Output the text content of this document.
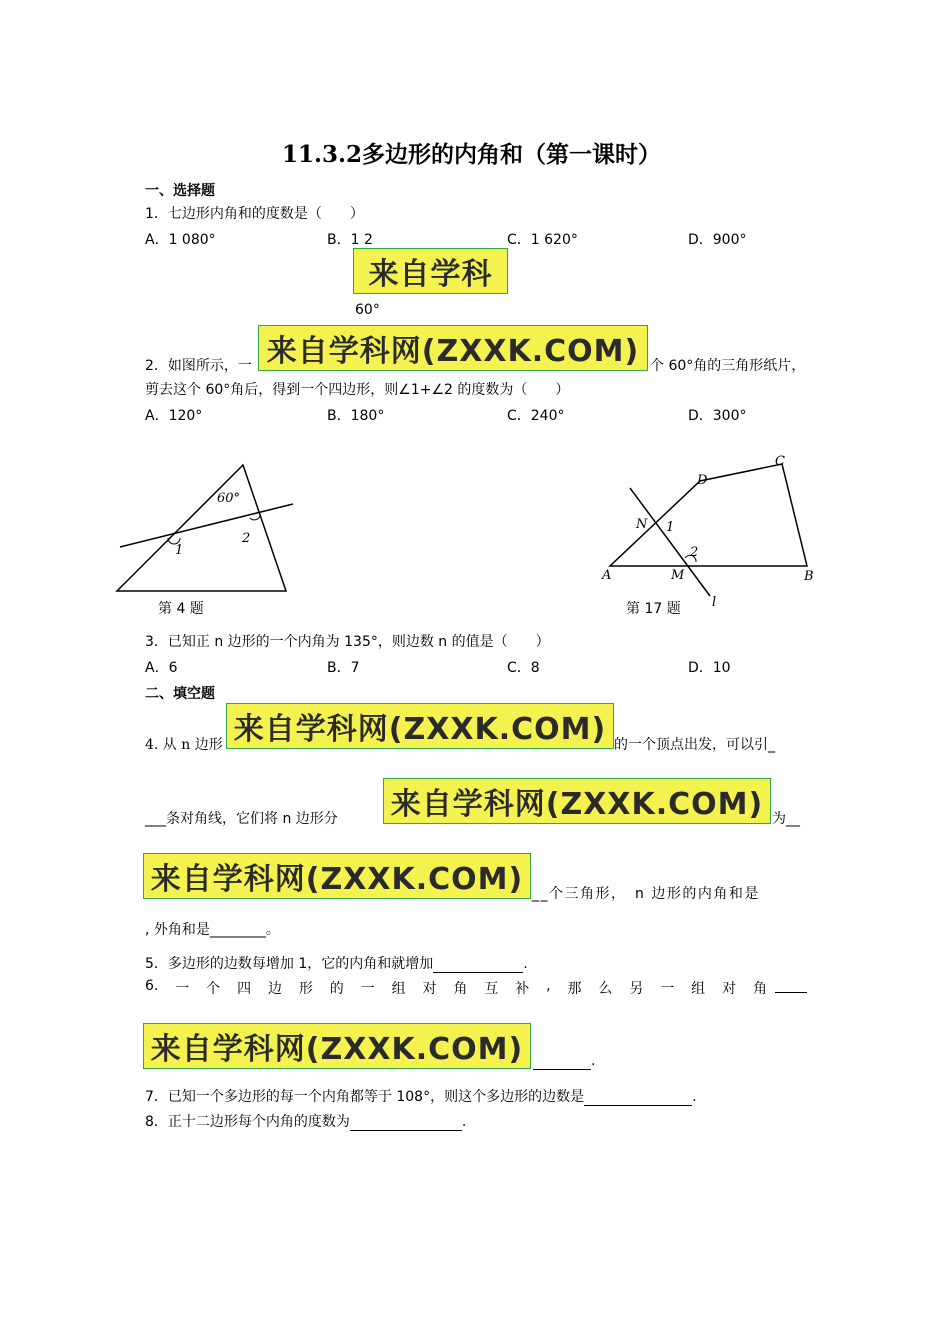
11.3.2多边形的内角和（第一课时）
一、选择题
1．七边形内角和的度数是（　　）
A．1 080°	B．1 2	C．1 620°	D．900°
来自学科
60°
2．如图所示，一 来自学科网(ZXXK.COM) 个 60°角的三角形纸片，
剪去这个 60°角后，得到一个四边形，则∠1+∠2 的度数为（　　）
A．120°	B．180°	C．240°	D．300°
60°
1
2
第 4 题
A	B
C
D
M
N
l
1
2
第 17 题
3．已知正 n 边形的一个内角为 135°，则边数 n 的值是（　　）
A．6	B．7	C．8	D．10
二、填空题
4. 从 n 边形 来自学科网(ZXXK.COM) 的一个顶点出发，可以引_
___条对角线，它们将 n 边形分 来自学科网(ZXXK.COM) 为__
来自学科网(ZXXK.COM) __个三角形，　n 边形的内角和是
, 外角和是________。
5．多边形的边数每增加 1，它的内角和就增加	.
6. 一 个 四 边 形 的 一 组 对 角 互 补 , 那 么 另 一 组 对 角
来自学科网(ZXXK.COM)	.
7．已知一个多边形的每一个内角都等于 108°，则这个多边形的边数是	.
8．正十二边形每个内角的度数为	.
